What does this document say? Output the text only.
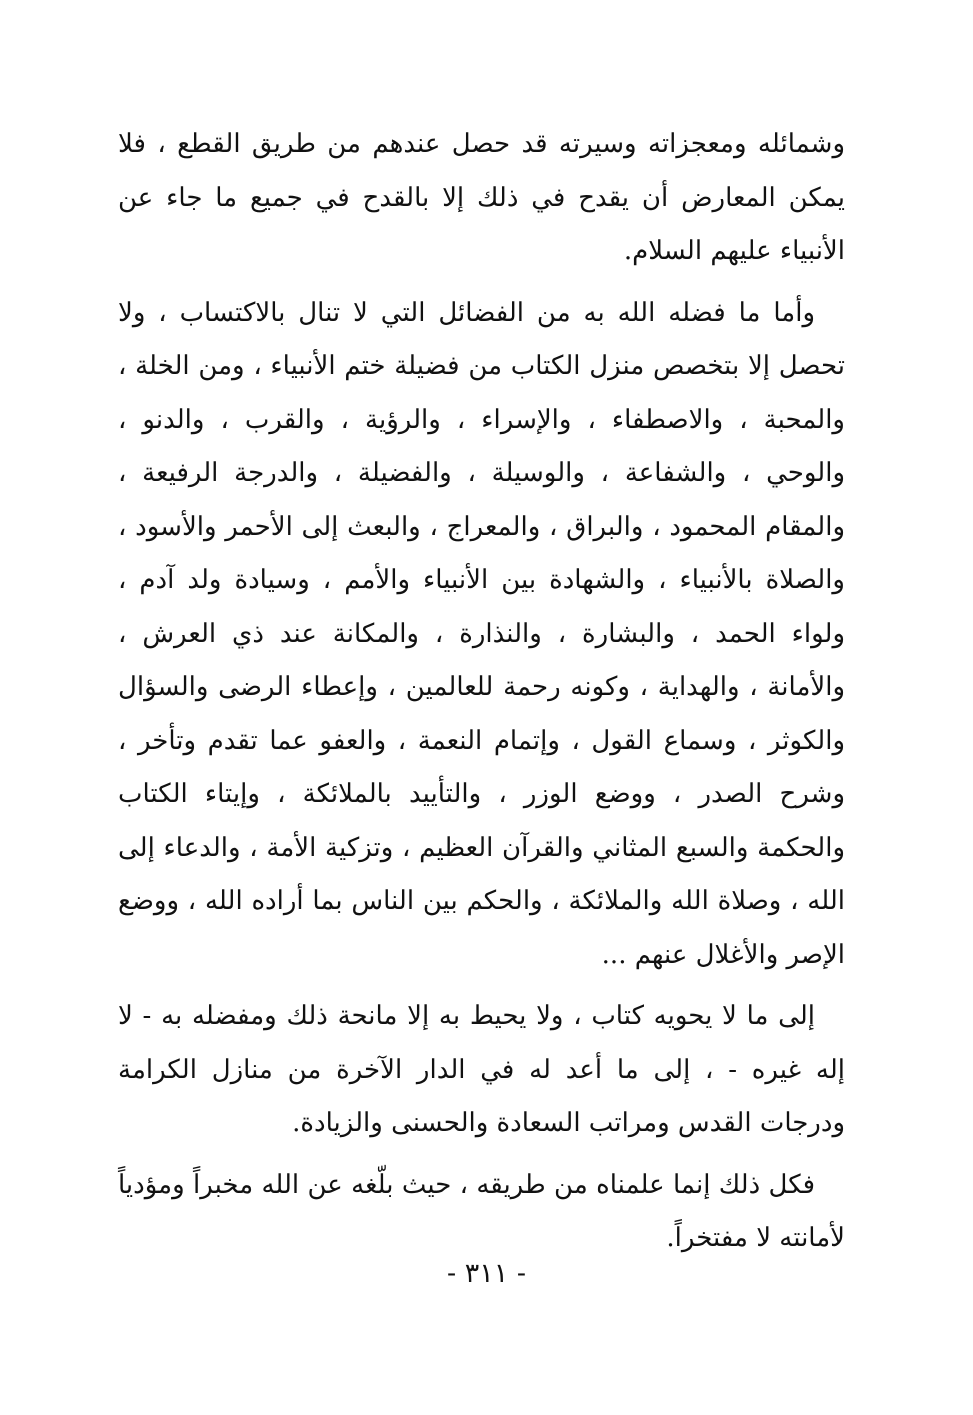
وشمائله ومعجزاته وسيرته قد حصل عندهم من طريق القطع ، فلا يمكن المعارض أن يقدح في ذلك إلا بالقدح في جميع ما جاء عن الأنبياء عليهم السلام.

وأما ما فضله الله به من الفضائل التي لا تنال بالاكتساب ، ولا تحصل إلا بتخصص منزل الكتاب من فضيلة ختم الأنبياء ، ومن الخلة ، والمحبة ، والاصطفاء ، والإسراء ، والرؤية ، والقرب ، والدنو ، والوحي ، والشفاعة ، والوسيلة ، والفضيلة ، والدرجة الرفيعة ، والمقام المحمود ، والبراق ، والمعراج ، والبعث إلى الأحمر والأسود ، والصلاة بالأنبياء ، والشهادة بين الأنبياء والأمم ، وسيادة ولد آدم ، ولواء الحمد ، والبشارة ، والنذارة ، والمكانة عند ذي العرش ، والأمانة ، والهداية ، وكونه رحمة للعالمين ، وإعطاء الرضى والسؤال والكوثر ، وسماع القول ، وإتمام النعمة ، والعفو عما تقدم وتأخر ، وشرح الصدر ، ووضع الوزر ، والتأييد بالملائكة ، وإيتاء الكتاب والحكمة والسبع المثاني والقرآن العظيم ، وتزكية الأمة ، والدعاء إلى الله ، وصلاة الله والملائكة ، والحكم بين الناس بما أراده الله ، ووضع الإصر والأغلال عنهم ...

إلى ما لا يحويه كتاب ، ولا يحيط به إلا مانحة ذلك ومفضله به - لا إله غيره - ، إلى ما أعد له في الدار الآخرة من منازل الكرامة ودرجات القدس ومراتب السعادة والحسنى والزيادة.

فكل ذلك إنما علمناه من طريقه ، حيث بلّغه عن الله مخبراً ومؤدياً لأمانته لا مفتخراً.

- ٣١١ -
